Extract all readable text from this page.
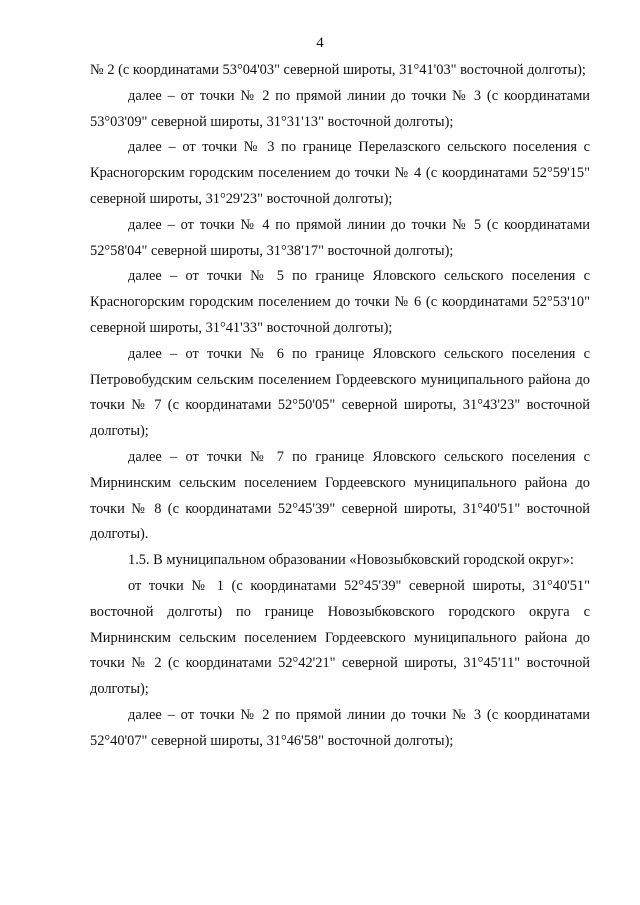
4

№ 2 (с координатами 53°04'03" северной широты, 31°41'03" восточной долготы);

далее – от точки № 2 по прямой линии до точки № 3 (с координатами 53°03'09" северной широты, 31°31'13" восточной долготы);

далее – от точки № 3 по границе Перелазского сельского поселения с Красногорским городским поселением до точки № 4 (с координатами 52°59'15" северной широты, 31°29'23" восточной долготы);

далее – от точки № 4 по прямой линии до точки № 5 (с координатами 52°58'04" северной широты, 31°38'17" восточной долготы);

далее – от точки № 5 по границе Яловского сельского поселения с Красногорским городским поселением до точки № 6 (с координатами 52°53'10" северной широты, 31°41'33" восточной долготы);

далее – от точки № 6 по границе Яловского сельского поселения с Петровобудским сельским поселением Гордеевского муниципального района до точки № 7 (с координатами 52°50'05" северной широты, 31°43'23" восточной долготы);

далее – от точки № 7 по границе Яловского сельского поселения с Мирнинским сельским поселением Гордеевского муниципального района до точки № 8 (с координатами 52°45'39" северной широты, 31°40'51" восточной долготы).

1.5. В муниципальном образовании «Новозыбковский городской округ»:

от точки № 1 (с координатами 52°45'39" северной широты, 31°40'51" восточной долготы) по границе Новозыбковского городского округа с Мирнинским сельским поселением Гордеевского муниципального района до точки № 2 (с координатами 52°42'21" северной широты, 31°45'11" восточной долготы);

далее – от точки № 2 по прямой линии до точки № 3 (с координатами 52°40'07" северной широты, 31°46'58" восточной долготы);
